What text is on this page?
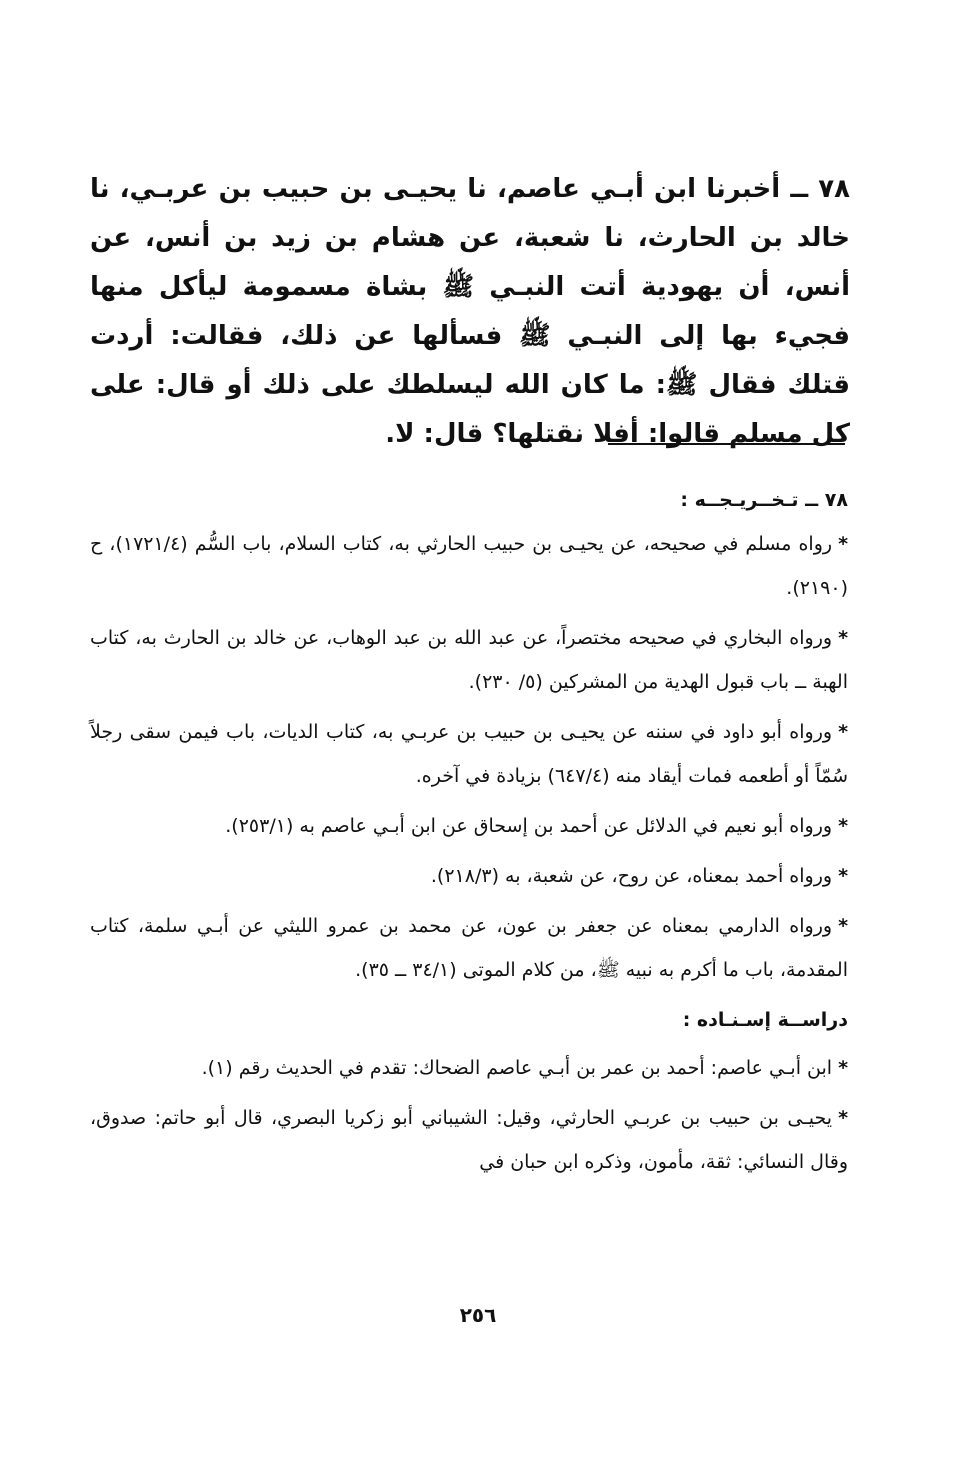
٧٨ ــ أخبرنا ابن أبـي عاصم، نا يحيـى بن حبيب بن عربـي، نا خالد بن الحارث، نا شعبة، عن هشام بن زيد بن أنس، عن أنس، أن يهودية أتت النبـي ﷺ بشاة مسمومة ليأكل منها فجيء بها إلى النبـي ﷺ فسألها عن ذلك، فقالت: أردت قتلك فقال ﷺ: ما كان الله ليسلطك على ذلك أو قال: على كل مسلم قالوا: أفلا نقتلها؟ قال: لا.

٧٨ ــ تـخــريـجــه :

*رواه مسلم في صحيحه، عن يحيـى بن حبيب الحارثي به، كتاب السلام، باب السُّم (١٧٢١/٤)، ح (٢١٩٠).

*ورواه البخاري في صحيحه مختصراً، عن عبد الله بن عبد الوهاب، عن خالد بن الحارث به، كتاب الهبة ــ باب قبول الهدية من المشركين (٥/ ٢٣٠).

*ورواه أبو داود في سننه عن يحيـى بن حبيب بن عربـي به، كتاب الديات، باب فيمن سقى رجلاً سُمّاً أو أطعمه فمات أيقاد منه (٦٤٧/٤) بزيادة في آخره.

*ورواه أبو نعيم في الدلائل عن أحمد بن إسحاق عن ابن أبـي عاصم به (٢٥٣/١).

*ورواه أحمد بمعناه، عن روح، عن شعبة، به (٢١٨/٣).

*ورواه الدارمي بمعناه عن جعفر بن عون، عن محمد بن عمرو الليثي عن أبـي سلمة، كتاب المقدمة، باب ما أكرم به نبيه ﷺ، من كلام الموتى (٣٤/١ ــ ٣٥).

دراســة إسـنـاده :

*ابن أبـي عاصم: أحمد بن عمر بن أبـي عاصم الضحاك: تقدم في الحديث رقم (١).

*يحيـى بن حبيب بن عربـي الحارثي، وقيل: الشيباني أبو زكريا البصري، قال أبو حاتم: صدوق، وقال النسائي: ثقة، مأمون، وذكره ابن حبان في

٢٥٦
